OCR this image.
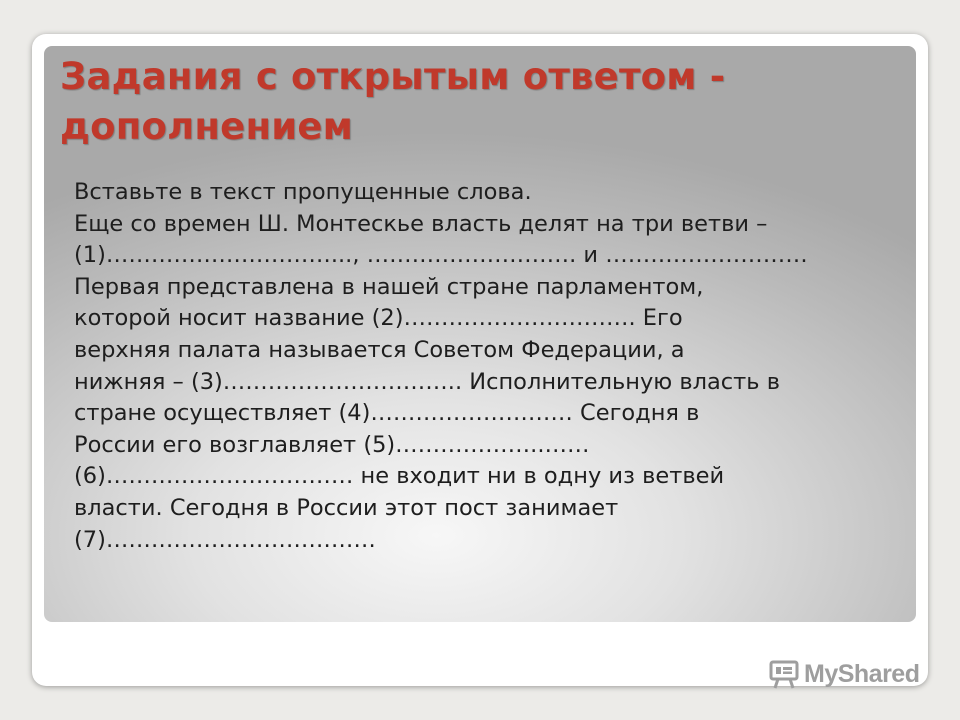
Задания с открытым ответом -
дополнением
Вставьте в текст пропущенные слова.
Еще со времен Ш. Монтескье власть делят на три ветви –
(1)…………………………..., ………………………. и ………………………
Первая представлена в нашей стране парламентом,
которой носит название (2)…………………………. Его
верхняя палата называется Советом Федерации, а
нижняя – (3)………………………….. Исполнительную власть в
стране осуществляет (4)……………………… Сегодня в
России его возглавляет (5)………………..……
(6)…………………………… не входит ни в одну из ветвей
власти. Сегодня в России этот пост занимает
(7)………………………………
MyShared
